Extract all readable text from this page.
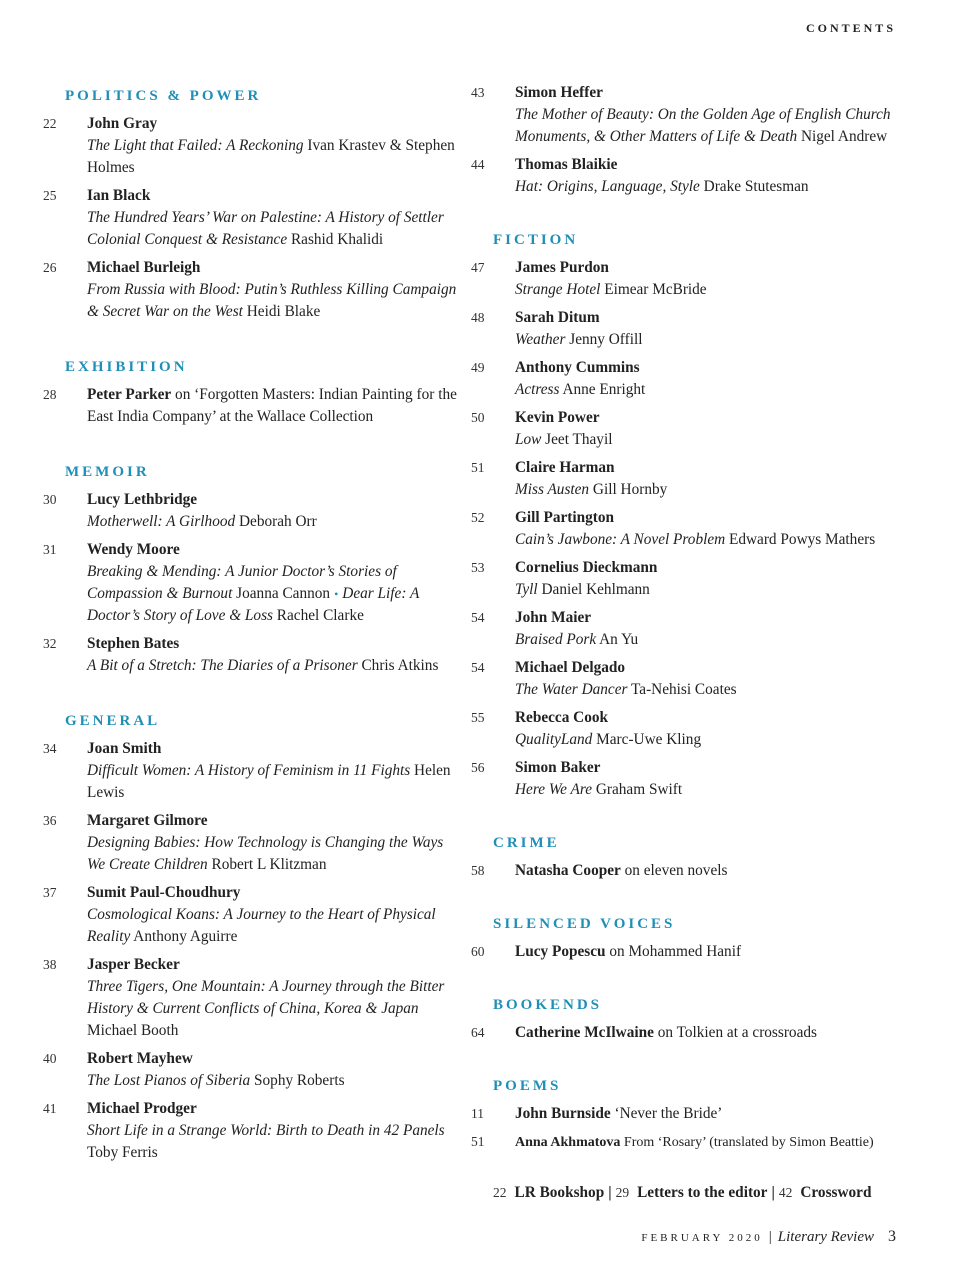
CONTENTS
POLITICS & POWER
22 John Gray
The Light that Failed: A Reckoning Ivan Krastev & Stephen Holmes
25 Ian Black
The Hundred Years’ War on Palestine: A History of Settler Colonial Conquest & Resistance Rashid Khalidi
26 Michael Burleigh
From Russia with Blood: Putin’s Ruthless Killing Campaign & Secret War on the West Heidi Blake
EXHIBITION
28 Peter Parker on ‘Forgotten Masters: Indian Painting for the East India Company’ at the Wallace Collection
MEMOIR
30 Lucy Lethbridge
Motherwell: A Girlhood Deborah Orr
31 Wendy Moore
Breaking & Mending: A Junior Doctor’s Stories of Compassion & Burnout Joanna Cannon • Dear Life: A Doctor’s Story of Love & Loss Rachel Clarke
32 Stephen Bates
A Bit of a Stretch: The Diaries of a Prisoner Chris Atkins
GENERAL
34 Joan Smith
Difficult Women: A History of Feminism in 11 Fights Helen Lewis
36 Margaret Gilmore
Designing Babies: How Technology is Changing the Ways We Create Children Robert L Klitzman
37 Sumit Paul-Choudhury
Cosmological Koans: A Journey to the Heart of Physical Reality Anthony Aguirre
38 Jasper Becker
Three Tigers, One Mountain: A Journey through the Bitter History & Current Conflicts of China, Korea & Japan Michael Booth
40 Robert Mayhew
The Lost Pianos of Siberia Sophy Roberts
41 Michael Prodger
Short Life in a Strange World: Birth to Death in 42 Panels Toby Ferris
43 Simon Heffer
The Mother of Beauty: On the Golden Age of English Church Monuments, & Other Matters of Life & Death Nigel Andrew
44 Thomas Blaikie
Hat: Origins, Language, Style Drake Stutesman
FICTION
47 James Purdon
Strange Hotel Eimear McBride
48 Sarah Ditum
Weather Jenny Offill
49 Anthony Cummins
Actress Anne Enright
50 Kevin Power
Low Jeet Thayil
51 Claire Harman
Miss Austen Gill Hornby
52 Gill Partington
Cain’s Jawbone: A Novel Problem Edward Powys Mathers
53 Cornelius Dieckmann
Tyll Daniel Kehlmann
54 John Maier
Braised Pork An Yu
54 Michael Delgado
The Water Dancer Ta-Nehisi Coates
55 Rebecca Cook
QualityLand Marc-Uwe Kling
56 Simon Baker
Here We Are Graham Swift
CRIME
58 Natasha Cooper on eleven novels
SILENCED VOICES
60 Lucy Popescu on Mohammed Hanif
BOOKENDS
64 Catherine McIlwaine on Tolkien at a crossroads
POEMS
11 John Burnside ‘Never the Bride’
51 Anna Akhmatova From ‘Rosary’ (translated by Simon Beattie)
22 LR Bookshop | 29 Letters to the editor | 42 Crossword
FEBRUARY 2020 | Literary Review 3
